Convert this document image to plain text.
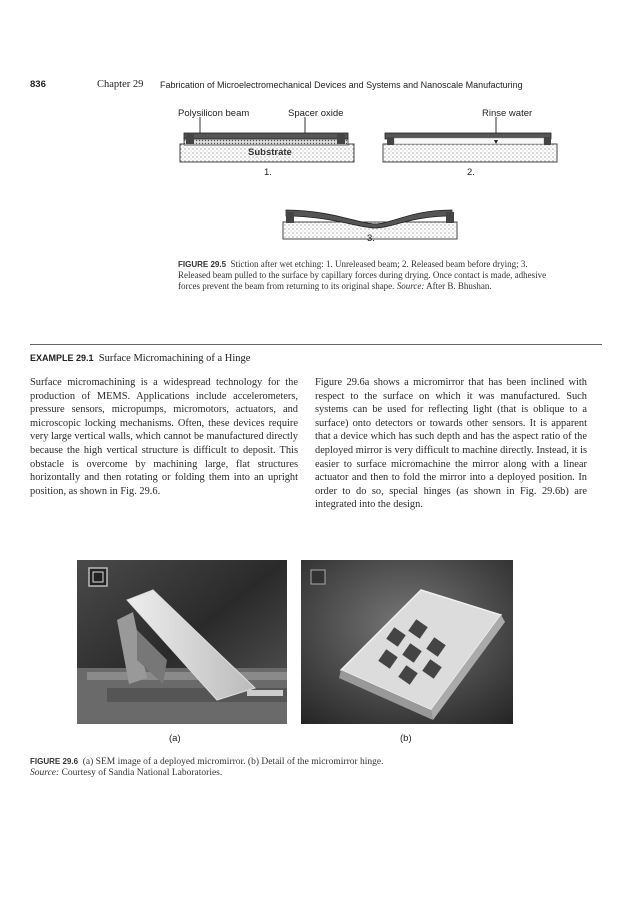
836	Chapter 29 Fabrication of Microelectromechanical Devices and Systems and Nanoscale Manufacturing
Polysilicon beam	Spacer oxide	Rinse water
Substrate
1.	2.
3.
FIGURE 29.5 Stiction after wet etching: 1. Unreleased beam; 2. Released beam before drying; 3. Released beam pulled to the surface by capillary forces during drying. Once contact is made, adhesive forces prevent the beam from returning to its original shape. Source: After B. Bhushan.
EXAMPLE 29.1 Surface Micromachining of a Hinge
Surface micromachining is a widespread technology for the production of MEMS. Applications include accelerometers, pressure sensors, micropumps, micromotors, actuators, and microscopic locking mechanisms. Often, these devices require very large vertical walls, which cannot be manufactured directly because the high vertical structure is difficult to deposit. This obstacle is overcome by machining large, flat structures horizontally and then rotating or folding them into an upright position, as shown in Fig. 29.6.
Figure 29.6a shows a micromirror that has been inclined with respect to the surface on which it was manufactured. Such systems can be used for reflecting light (that is oblique to a surface) onto detectors or towards other sensors. It is apparent that a device which has such depth and has the aspect ratio of the deployed mirror is very difficult to machine directly. Instead, it is easier to surface micromachine the mirror along with a linear actuator and then to fold the mirror into a deployed position. In order to do so, special hinges (as shown in Fig. 29.6b) are integrated into the design.
(a)	(b)
FIGURE 29.6 (a) SEM image of a deployed micromirror. (b) Detail of the micromirror hinge.
Source: Courtesy of Sandia National Laboratories.
